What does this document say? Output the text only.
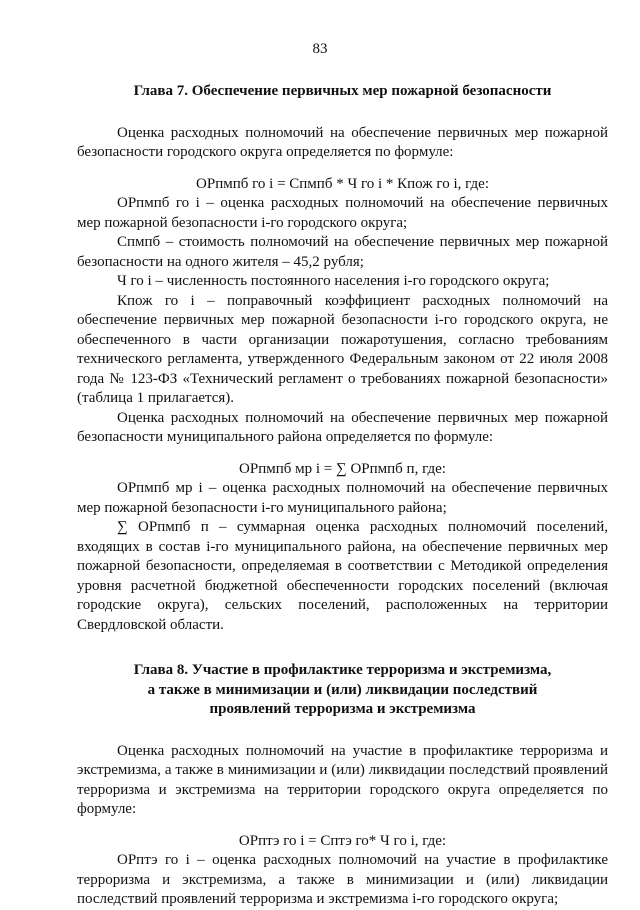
83

Глава 7. Обеспечение первичных мер пожарной безопасности

Оценка расходных полномочий на обеспечение первичных мер пожарной безопасности городского округа определяется по формуле:

ОРпмпб го i = Спмпб * Ч го i * Кпож го i, где:

ОРпмпб го i – оценка расходных полномочий на обеспечение первичных мер пожарной безопасности i-го городского округа;

Спмпб – стоимость полномочий на обеспечение первичных мер пожарной безопасности на одного жителя – 45,2 рубля;

Ч го i – численность постоянного населения i-го городского округа;

Кпож го i – поправочный коэффициент расходных полномочий на обеспечение первичных мер пожарной безопасности i-го городского округа, не обеспеченного в части организации пожаротушения, согласно требованиям технического регламента, утвержденного Федеральным законом от 22 июля 2008 года № 123-ФЗ «Технический регламент о требованиях пожарной безопасности» (таблица 1 прилагается).

Оценка расходных полномочий на обеспечение первичных мер пожарной безопасности муниципального района определяется по формуле:

ОРпмпб мр i = ∑ ОРпмпб п, где:

ОРпмпб мр i – оценка расходных полномочий на обеспечение первичных мер пожарной безопасности i-го муниципального района;

∑ ОРпмпб п – суммарная оценка расходных полномочий поселений, входящих в состав i-го муниципального района, на обеспечение первичных мер пожарной безопасности, определяемая в соответствии с Методикой определения уровня расчетной бюджетной обеспеченности городских поселений (включая городские округа), сельских поселений, расположенных на территории Свердловской области.

Глава 8. Участие в профилактике терроризма и экстремизма,

а также в минимизации и (или) ликвидации последствий

проявлений терроризма и экстремизма

Оценка расходных полномочий на участие в профилактике терроризма и экстремизма, а также в минимизации и (или) ликвидации последствий проявлений терроризма и экстремизма на территории городского округа определяется по формуле:

ОРптэ го i = Сптэ го* Ч го i, где:

ОРптэ го i – оценка расходных полномочий на участие в профилактике терроризма и экстремизма, а также в минимизации и (или) ликвидации последствий проявлений терроризма и экстремизма i-го городского округа;
